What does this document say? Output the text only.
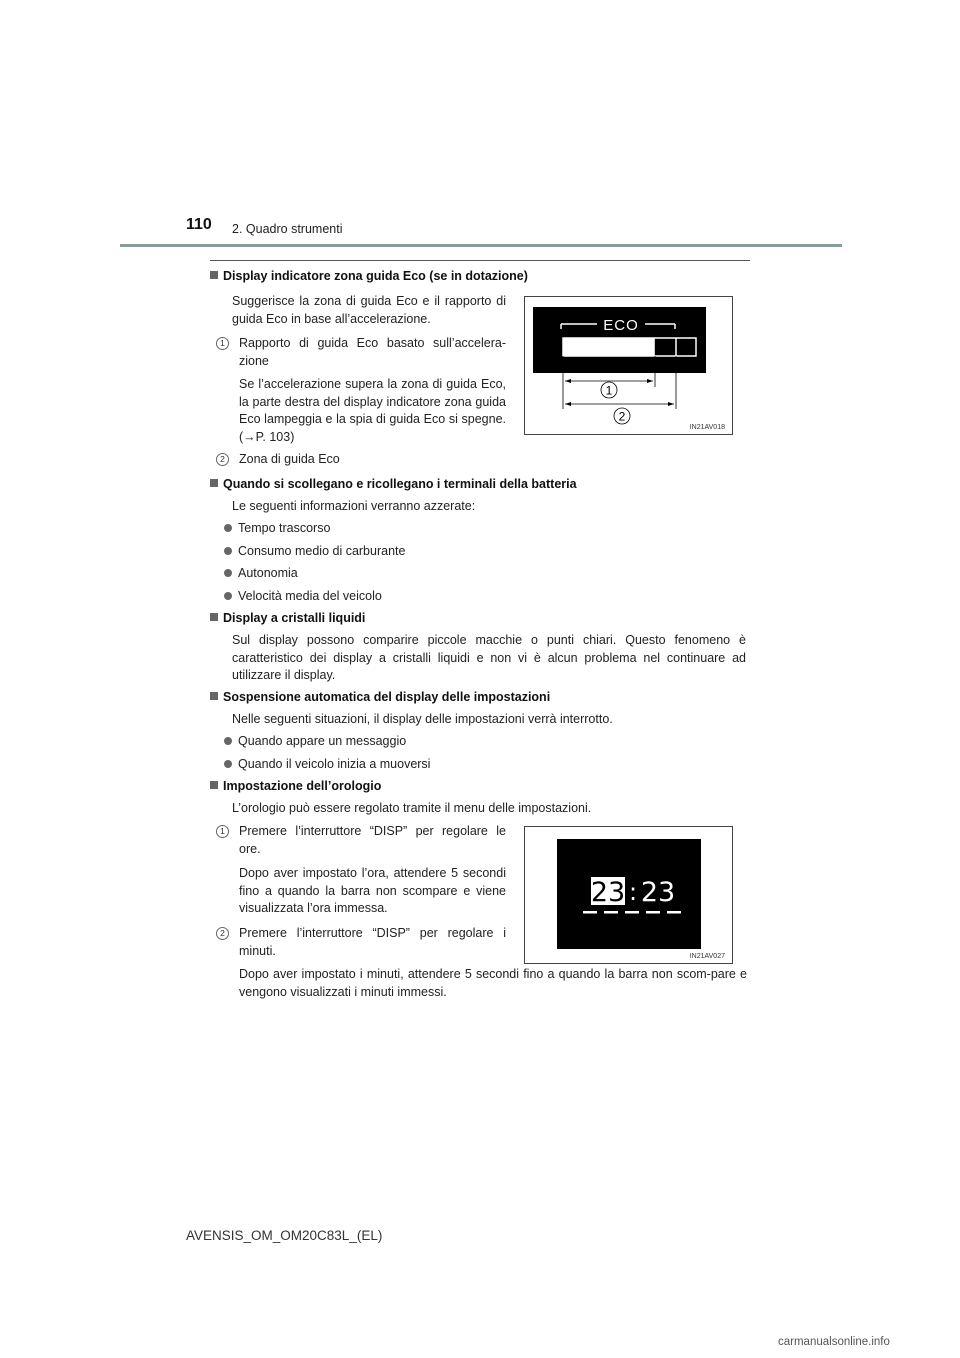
110 2. Quadro strumenti
Display indicatore zona guida Eco (se in dotazione)
Suggerisce la zona di guida Eco e il rapporto di guida Eco in base all’accelerazione.
1	Rapporto di guida Eco basato sull’accelera-zione
Se l’accelerazione supera la zona di guida Eco, la parte destra del display indicatore zona guida Eco lampeggia e la spia di guida Eco si spegne. (→P. 103)
2	Zona di guida Eco
ECO
1
2
IN21AV018
Quando si scollegano e ricollegano i terminali della batteria
Le seguenti informazioni verranno azzerate:
Tempo trascorso
Consumo medio di carburante
Autonomia
Velocità media del veicolo
Display a cristalli liquidi
Sul display possono comparire piccole macchie o punti chiari. Questo fenomeno è caratteristico dei display a cristalli liquidi e non vi è alcun problema nel continuare ad utilizzare il display.
Sospensione automatica del display delle impostazioni
Nelle seguenti situazioni, il display delle impostazioni verrà interrotto.
Quando appare un messaggio
Quando il veicolo inizia a muoversi
Impostazione dell’orologio
L’orologio può essere regolato tramite il menu delle impostazioni.
1	Premere l’interruttore “DISP” per regolare le ore.
Dopo aver impostato l’ora, attendere 5 secondi fino a quando la barra non scompare e viene visualizzata l’ora immessa.
2	Premere l’interruttore “DISP” per regolare i minuti.
Dopo aver impostato i minuti, attendere 5 secondi fino a quando la barra non scom-pare e vengono visualizzati i minuti immessi.
23 : 23
IN21AV027
AVENSIS_OM_OM20C83L_(EL)
carmanualsonline.info
